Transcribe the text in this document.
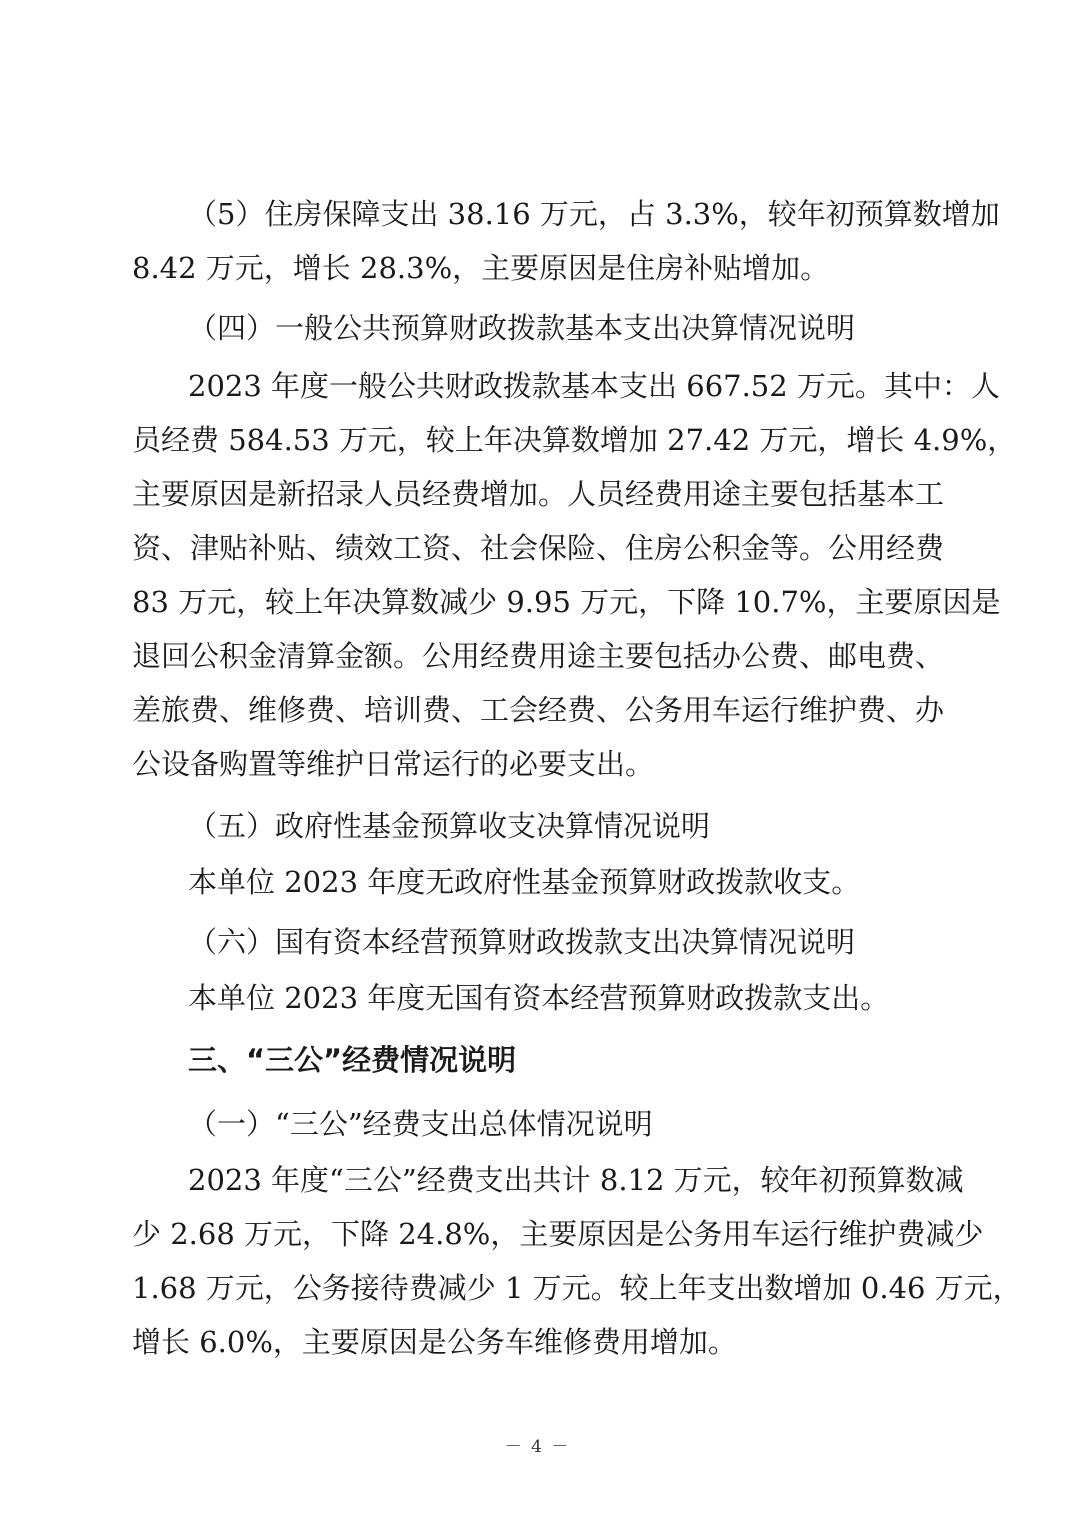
（5）住房保障支出 38.16 万元，占 3.3%，较年初预算数增加
8.42 万元，增长 28.3%，主要原因是住房补贴增加。
（四）一般公共预算财政拨款基本支出决算情况说明
2023 年度一般公共财政拨款基本支出 667.52 万元。其中：人
员经费 584.53 万元，较上年决算数增加 27.42 万元，增长 4.9%，
主要原因是新招录人员经费增加。人员经费用途主要包括基本工
资、津贴补贴、绩效工资、社会保险、住房公积金等。公用经费
83 万元，较上年决算数减少 9.95 万元，下降 10.7%，主要原因是
退回公积金清算金额。公用经费用途主要包括办公费、邮电费、
差旅费、维修费、培训费、工会经费、公务用车运行维护费、办
公设备购置等维护日常运行的必要支出。
（五）政府性基金预算收支决算情况说明
本单位 2023 年度无政府性基金预算财政拨款收支。
（六）国有资本经营预算财政拨款支出决算情况说明
本单位 2023 年度无国有资本经营预算财政拨款支出。
三、“三公”经费情况说明
（一）“三公”经费支出总体情况说明
2023 年度“三公”经费支出共计 8.12 万元，较年初预算数减
少 2.68 万元，下降 24.8%，主要原因是公务用车运行维护费减少
1.68 万元，公务接待费减少 1 万元。较上年支出数增加 0.46 万元，
增长 6.0%，主要原因是公务车维修费用增加。
－ 4 －
